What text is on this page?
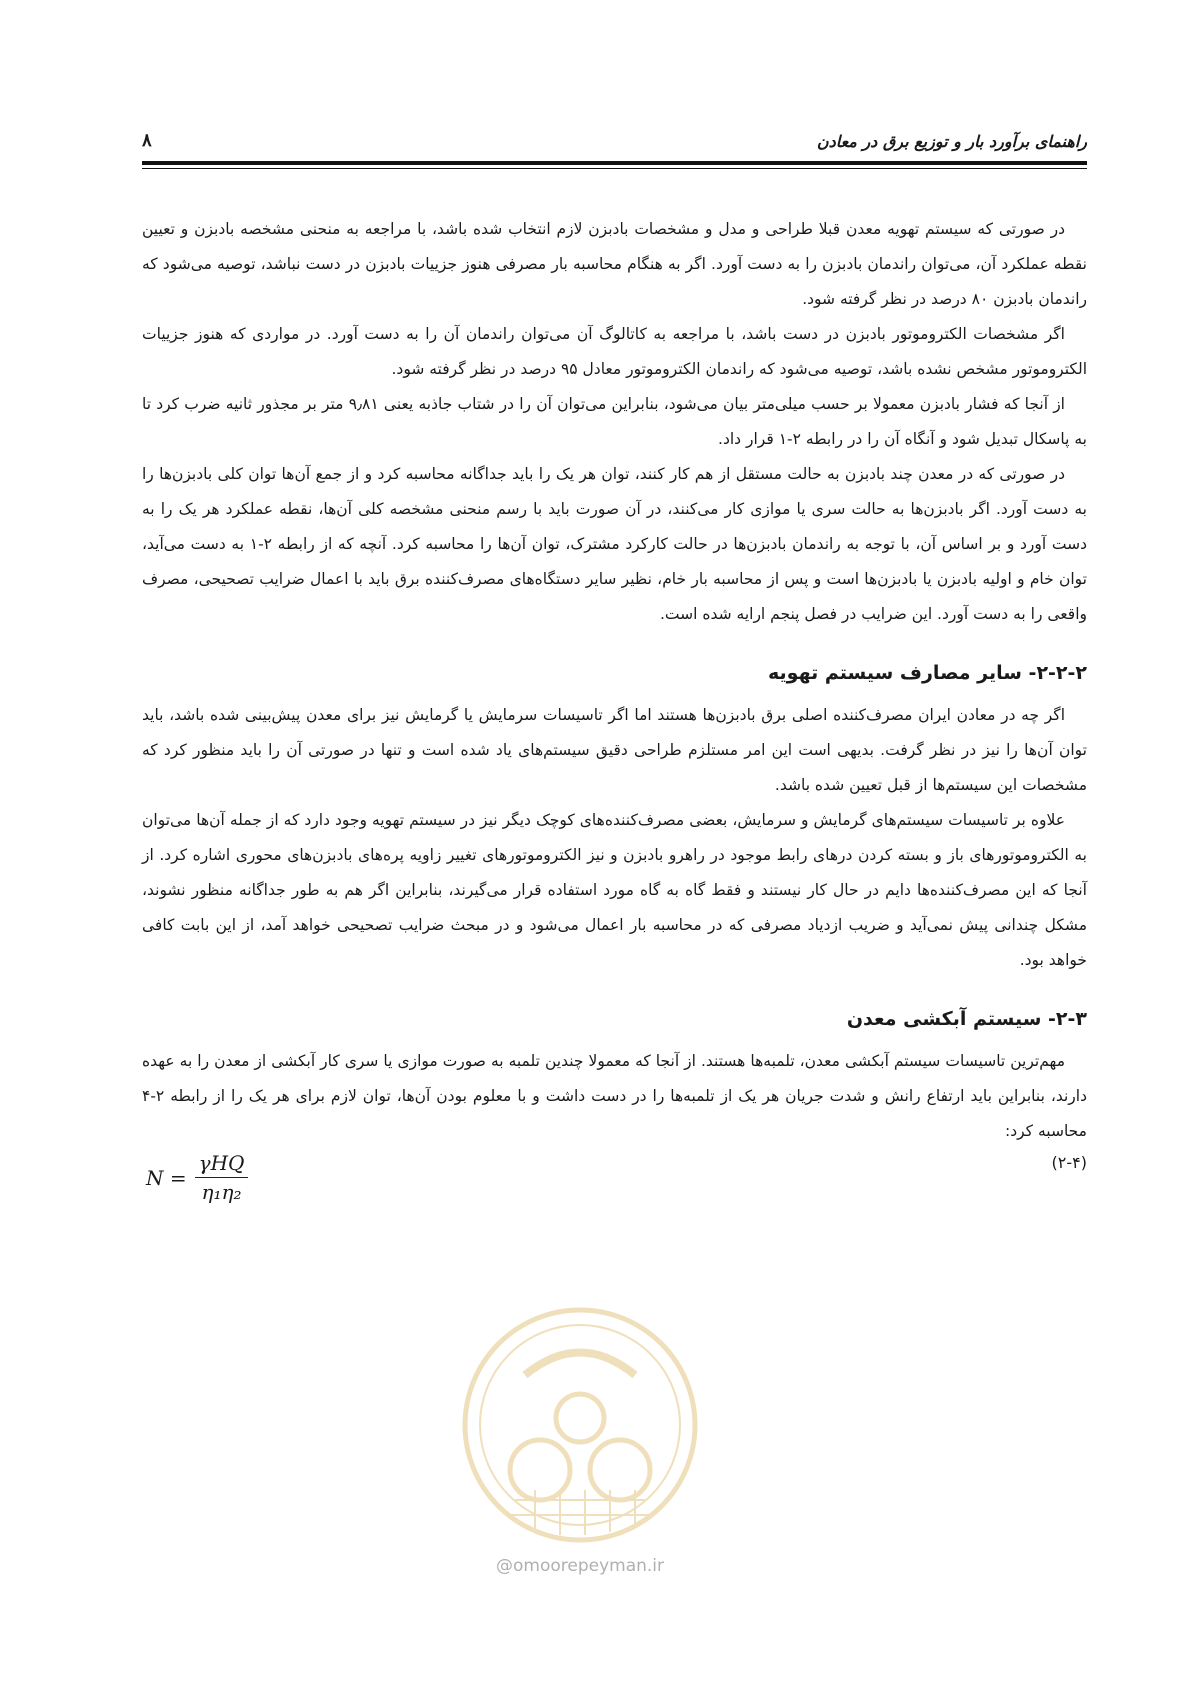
راهنمای برآورد بار و توزیع برق در معادن
۸

در صورتی که سیستم تهویه معدن قبلا طراحی و مدل و مشخصات بادبزن لازم انتخاب شده باشد، با مراجعه به منحنی مشخصه بادبزن و تعیین نقطه عملکرد آن، می‌توان راندمان بادبزن را به دست آورد. اگر به هنگام محاسبه بار مصرفی هنوز جزییات بادبزن در دست نباشد، توصیه می‌شود که راندمان بادبزن ۸۰ درصد در نظر گرفته شود.

اگر مشخصات الکتروموتور بادبزن در دست باشد، با مراجعه به کاتالوگ آن می‌توان راندمان آن را به دست آورد. در مواردی که هنوز جزییات الکتروموتور مشخص نشده باشد، توصیه می‌شود که راندمان الکتروموتور معادل ۹۵ درصد در نظر گرفته شود.

از آنجا که فشار بادبزن معمولا بر حسب میلی‌متر بیان می‌شود، بنابراین می‌توان آن را در شتاب جاذبه یعنی ۹٫۸۱ متر بر مجذور ثانیه ضرب کرد تا به پاسکال تبدیل شود و آنگاه آن را در رابطه ۲-۱ قرار داد.

در صورتی که در معدن چند بادبزن به حالت مستقل از هم کار کنند، توان هر یک را باید جداگانه محاسبه کرد و از جمع آن‌ها توان کلی بادبزن‌ها را به دست آورد. اگر بادبزن‌ها به حالت سری یا موازی کار می‌کنند، در آن صورت باید با رسم منحنی مشخصه کلی آن‌ها، نقطه عملکرد هر یک را به دست آورد و بر اساس آن، با توجه به راندمان بادبزن‌ها در حالت کارکرد مشترک، توان آن‌ها را محاسبه کرد. آنچه که از رابطه ۲-۱ به دست می‌آید، توان خام و اولیه بادبزن یا بادبزن‌ها است و پس از محاسبه بار خام، نظیر سایر دستگاه‌های مصرف‌کننده برق باید با اعمال ضرایب تصحیحی، مصرف واقعی را به دست آورد. این ضرایب در فصل پنجم ارایه شده است.

۲-۲-۲- سایر مصارف سیستم تهویه

اگر چه در معادن ایران مصرف‌کننده اصلی برق بادبزن‌ها هستند اما اگر تاسیسات سرمایش یا گرمایش نیز برای معدن پیش‌بینی شده باشد، باید توان آن‌ها را نیز در نظر گرفت. بدیهی است این امر مستلزم طراحی دقیق سیستم‌های یاد شده است و تنها در صورتی آن را باید منظور کرد که مشخصات این سیستم‌ها از قبل تعیین شده باشد.

علاوه بر تاسیسات سیستم‌های گرمایش و سرمایش، بعضی مصرف‌کننده‌های کوچک دیگر نیز در سیستم تهویه وجود دارد که از جمله آن‌ها می‌توان به الکتروموتورهای باز و بسته کردن درهای رابط موجود در راهرو بادبزن و نیز الکتروموتورهای تغییر زاویه پره‌های بادبزن‌های محوری اشاره کرد. از آنجا که این مصرف‌کننده‌ها دایم در حال کار نیستند و فقط گاه به گاه مورد استفاده قرار می‌گیرند، بنابراین اگر هم به طور جداگانه منظور نشوند، مشکل چندانی پیش نمی‌آید و ضریب ازدیاد مصرفی که در محاسبه بار اعمال می‌شود و در مبحث ضرایب تصحیحی خواهد آمد، از این بابت کافی خواهد بود.

۲-۳- سیستم آبکشی معدن

مهم‌ترین تاسیسات سیستم آبکشی معدن، تلمبه‌ها هستند. از آنجا که معمولا چندین تلمبه به صورت موازی یا سری کار آبکشی از معدن را به عهده دارند، بنابراین باید ارتفاع رانش و شدت جریان هر یک از تلمبه‌ها را در دست داشت و با معلوم بودن آن‌ها، توان لازم برای هر یک را از رابطه ۲-۴ محاسبه کرد:

$N = \frac{\text{γHQ}}{\text{η₁η₂}}$	(۲-۴)
@omoorepeyman.ir
